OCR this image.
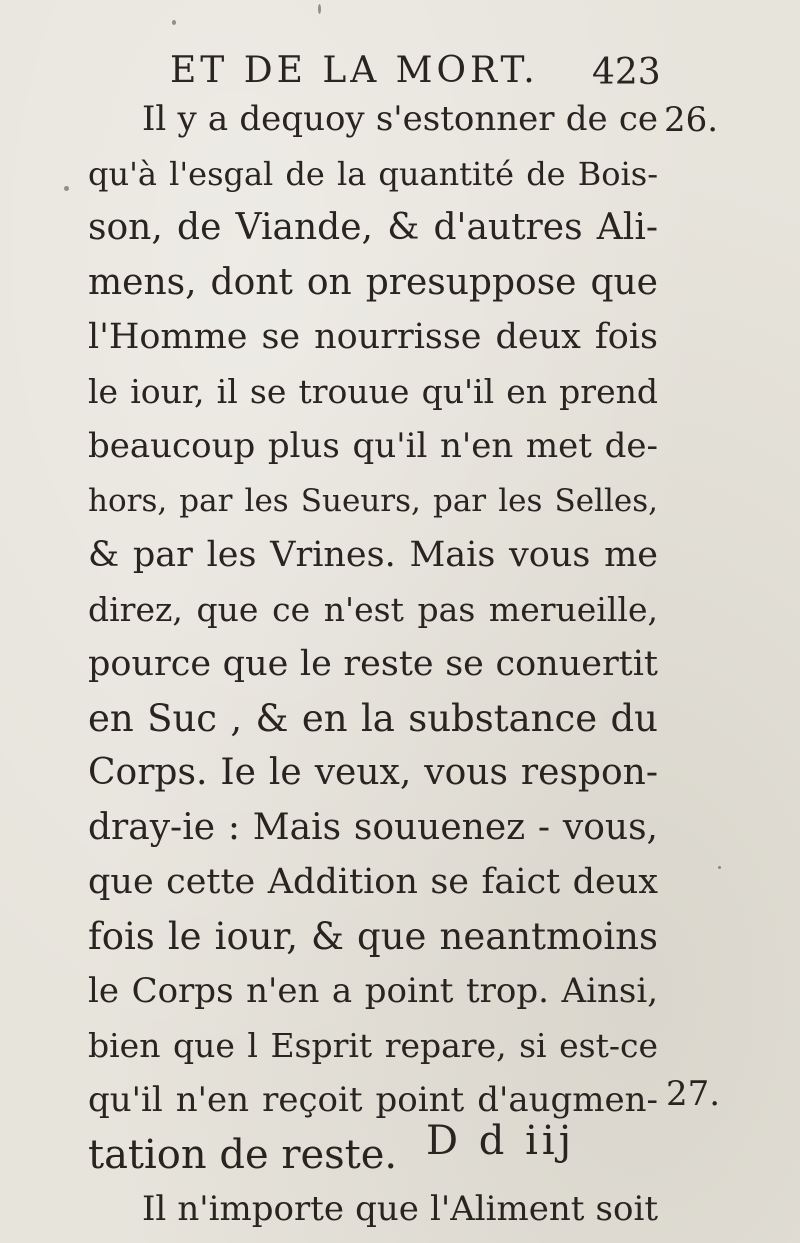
ET DE LA MORT. 423
26.
27.
Il y a dequoy s'estonner de ce
qu'à l'esgal de la quantité de Bois-
son, de Viande, & d'autres Ali-
mens, dont on presuppose que
l'Homme se nourrisse deux fois
le iour, il se trouue qu'il en prend
beaucoup plus qu'il n'en met de-
hors, par les Sueurs, par les Selles,
& par les Vrines. Mais vous me
direz, que ce n'est pas merueille,
pource que le reste se conuertit
en Suc , & en la substance du
Corps. Ie le veux, vous respon-
dray-ie : Mais souuenez - vous,
que cette Addition se faict deux
fois le iour, & que neantmoins
le Corps n'en a point trop. Ainsi,
bien que l Esprit repare, si est-ce
qu'il n'en reçoit point d'augmen-
tation de reste.
Il n'importe que l'Aliment soit
D d iij
